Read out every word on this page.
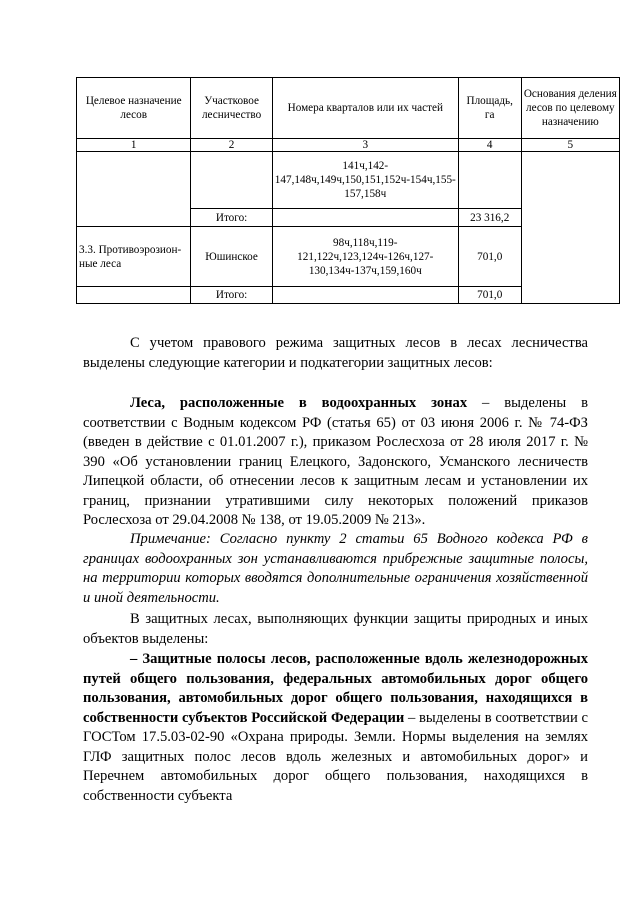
Целевое назначение лесов	Участковое лесничество	Номера кварталов или их частей	Площадь, га	Основания деления лесов по целевому назначению
1	2	3	4	5
		141ч,142-147,148ч,149ч,150,151,152ч-154ч,155-157,158ч		
	Итого:		23 316,2	
3.3. Противоэрозион-ные леса	Юшинское	98ч,118ч,119-121,122ч,123,124ч-126ч,127-130,134ч-137ч,159,160ч	701,0	
	Итого:		701,0	

С учетом правового режима защитных лесов в лесах лесничества выделены следующие категории и подкатегории защитных лесов:

Леса, расположенные в водоохранных зонах – выделены в соответствии с Водным кодексом РФ (статья 65) от 03 июня 2006 г. № 74-ФЗ (введен в действие с 01.01.2007 г.), приказом Рослесхоза от 28 июля 2017 г. № 390 «Об установлении границ Елецкого, Задонского, Усманского лесничеств Липецкой области, об отнесении лесов к защитным лесам и установлении их границ, признании утратившими силу некоторых положений приказов Рослесхоза от 29.04.2008 № 138, от 19.05.2009 № 213».

Примечание: Согласно пункту 2 статьи 65 Водного кодекса РФ в границах водоохранных зон устанавливаются прибрежные защитные полосы, на территории которых вводятся дополнительные ограничения хозяйственной и иной деятельности.

В защитных лесах, выполняющих функции защиты природных и иных объектов выделены:

– Защитные полосы лесов, расположенные вдоль железнодорожных путей общего пользования, федеральных автомобильных дорог общего пользования, автомобильных дорог общего пользования, находящихся в собственности субъектов Российской Федерации – выделены в соответствии с ГОСТом 17.5.03-02-90 «Охрана природы. Земли. Нормы выделения на землях ГЛФ защитных полос лесов вдоль железных и автомобильных дорог» и Перечнем автомобильных дорог общего пользования, находящихся в собственности субъекта
